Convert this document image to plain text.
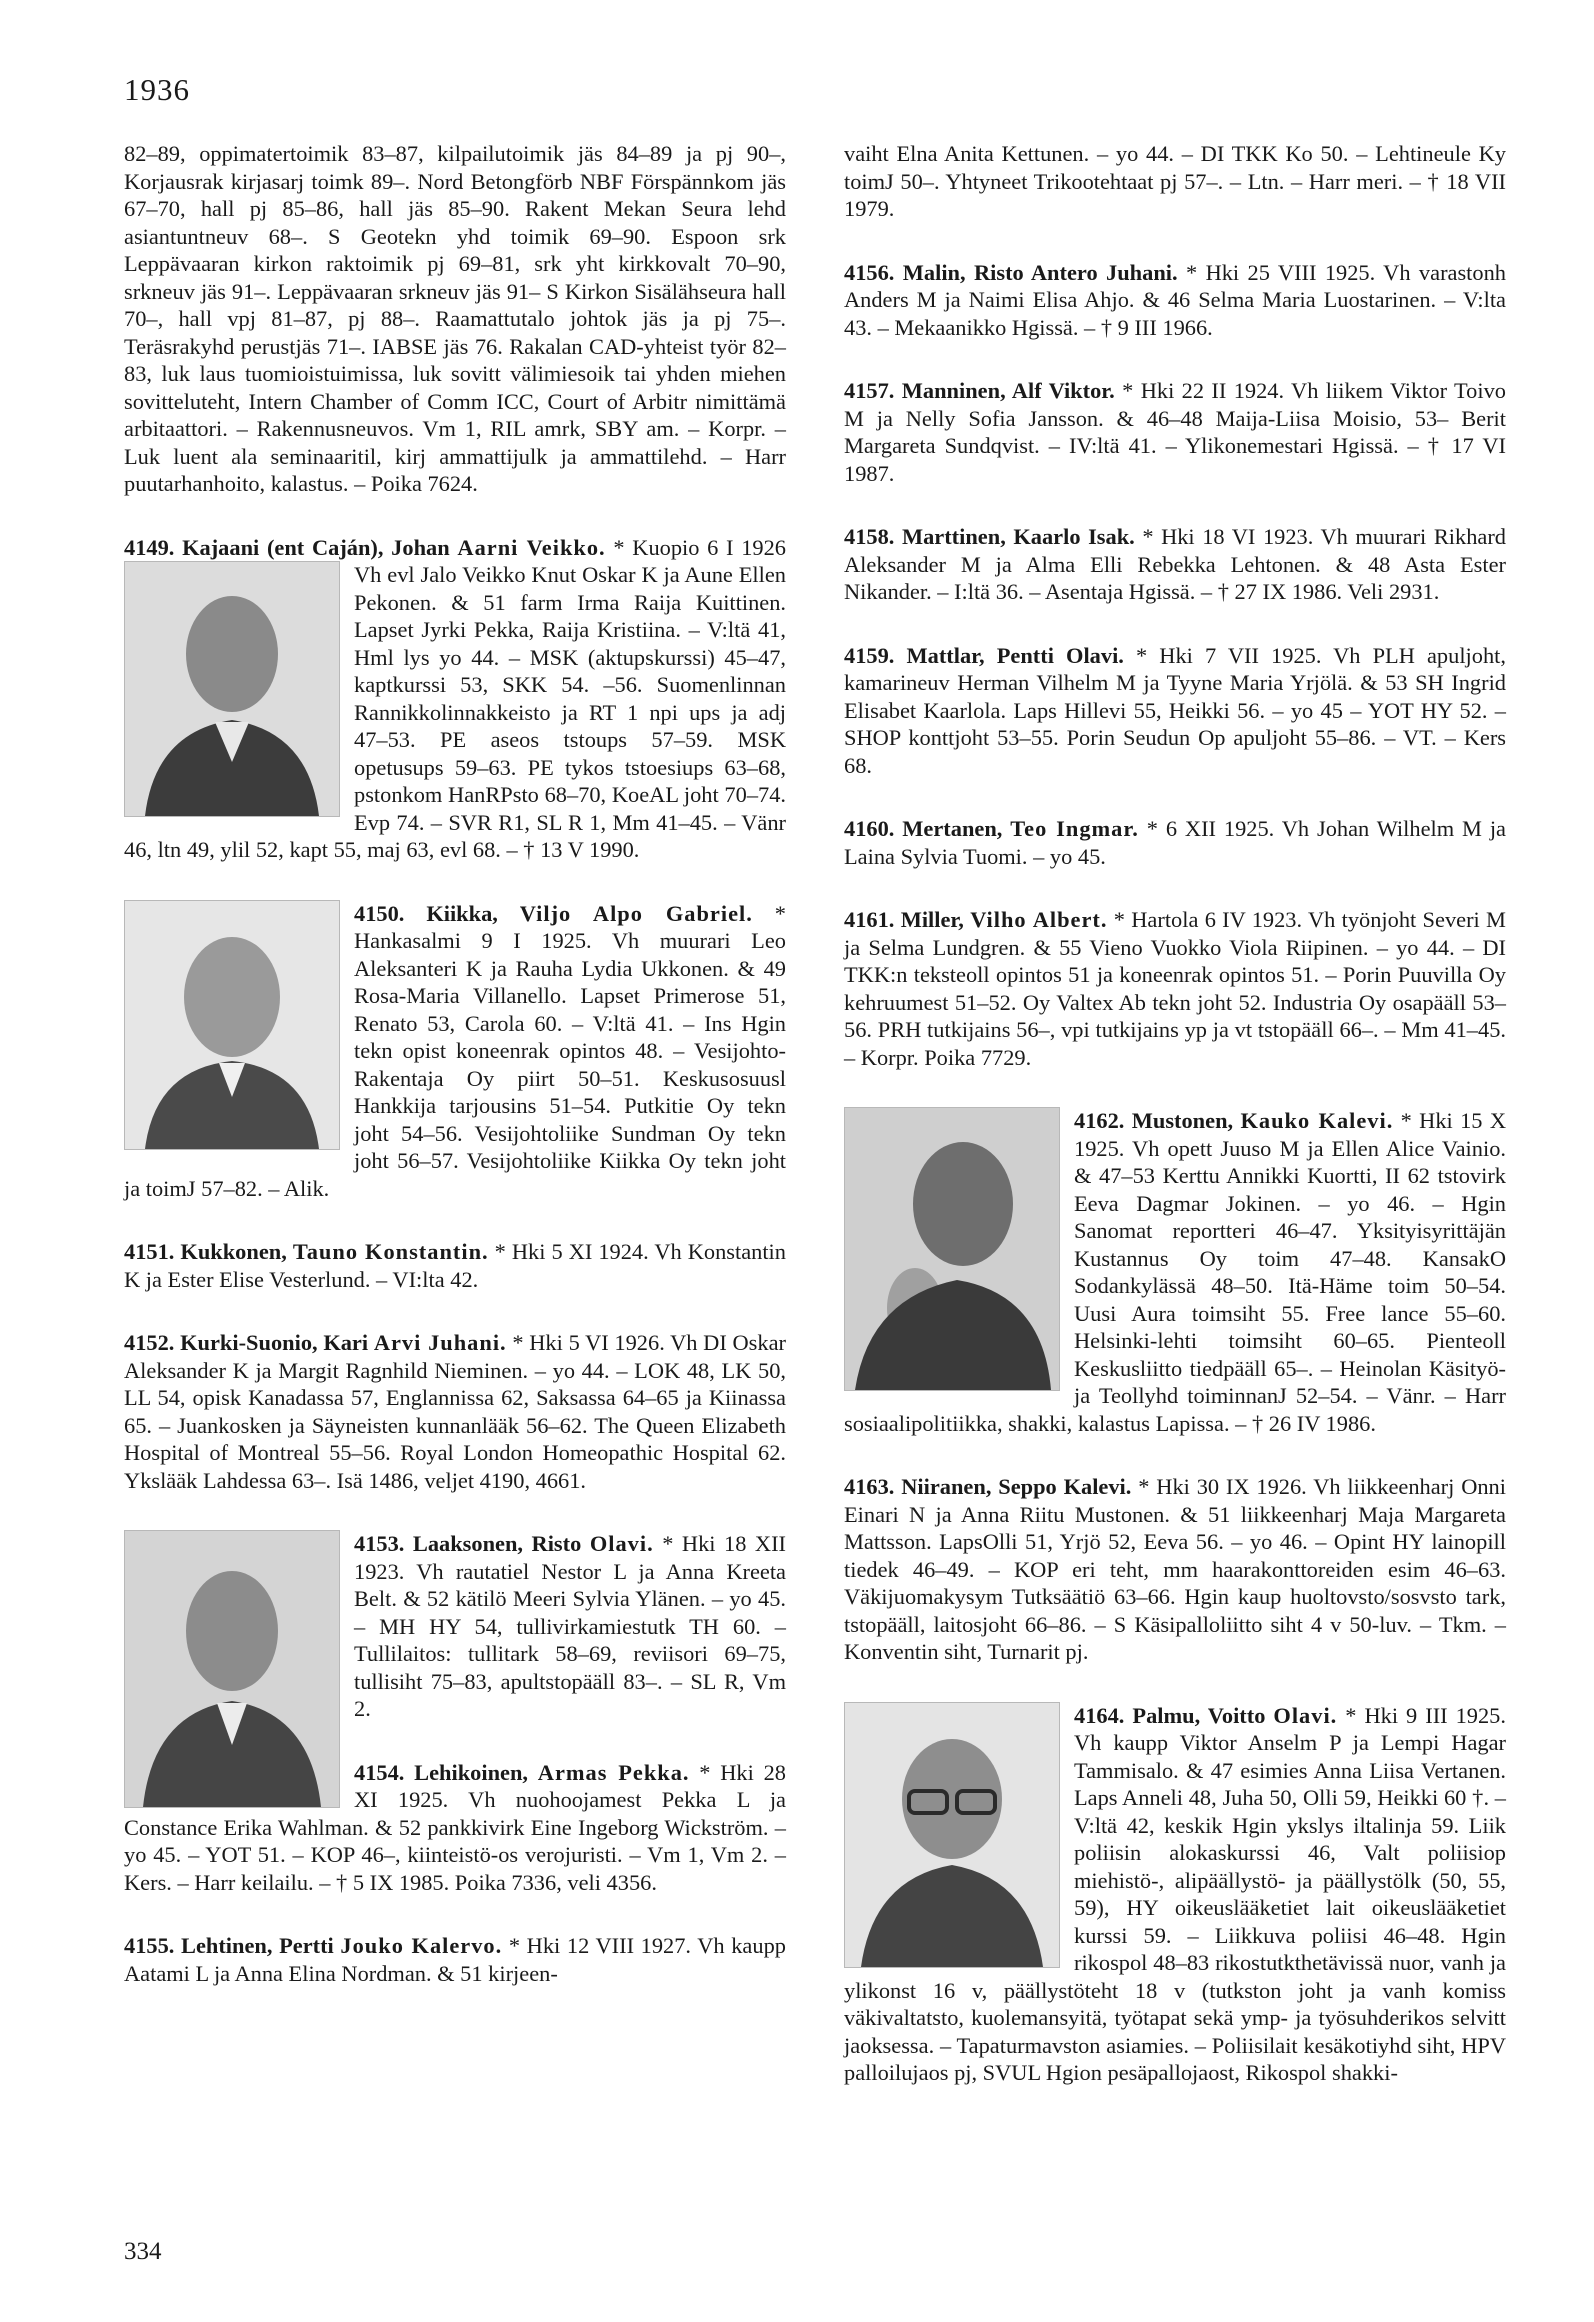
1936

82–89, oppimatertoimik 83–87, kilpailutoimik jäs 84–89 ja pj 90–, Korjausrak kirjasarj toimk 89–. Nord Betongförb NBF Förspännkom jäs 67–70, hall pj 85–86, hall jäs 85–90. Rakent Mekan Seura lehd asiantuntneuv 68–. S Geotekn yhd toimik 69–90. Espoon srk Leppävaaran kirkon raktoimik pj 69–81, srk yht kirkkovalt 70–90, srkneuv jäs 91–. Leppävaaran srkneuv jäs 91– S Kirkon Sisälähseura hall 70–, hall vpj 81–87, pj 88–. Raamattutalo johtok jäs ja pj 75–. Teräsrakyhd perustjäs 71–. IABSE jäs 76. Rakalan CAD-yhteist työr 82–83, luk laus tuomioistuimissa, luk sovitt välimiesoik tai yhden miehen sovitteluteht, Intern Chamber of Comm ICC, Court of Arbitr nimittämä arbitaattori. – Rakennusneuvos. Vm 1, RIL amrk, SBY am. – Korpr. – Luk luent ala seminaaritil, kirj ammattijulk ja ammattilehd. – Harr puutarhanhoito, kalastus. – Poika 7624.

4149. Kajaani (ent Caján), Johan Aarni Veikko. * Kuopio 6 I 1926 Vh evl Jalo Veikko Knut Oskar K ja Aune Ellen Pekonen. & 51 farm Irma Raija Kuittinen. Lapset Jyrki Pekka, Raija Kristiina. – V:ltä 41, Hml lys yo 44. – MSK (aktupskurssi) 45–47, kaptkurssi 53, SKK 54. –56. Suomenlinnan Rannikkolinnakkeisto ja RT 1 npi ups ja adj 47–53. PE aseos tstoups 57–59. MSK opetusups 59–63. PE tykos tstoesiups 63–68, pstonkom HanRPsto 68–70, KoeAL joht 70–74. Evp 74. – SVR R1, SL R 1, Mm 41–45. – Vänr 46, ltn 49, ylil 52, kapt 55, maj 63, evl 68. – † 13 V 1990.

4150. Kiikka, Viljo Alpo Gabriel. * Hankasalmi 9 I 1925. Vh muurari Leo Aleksanteri K ja Rauha Lydia Ukkonen. & 49 Rosa-Maria Villanello. Lapset Primerose 51, Renato 53, Carola 60. – V:ltä 41. – Ins Hgin tekn opist koneenrak opintos 48. – Vesijohto-Rakentaja Oy piirt 50–51. Keskusosuusl Hankkija tarjousins 51–54. Putkitie Oy tekn joht 54–56. Vesijohtoliike Sundman Oy tekn joht 56–57. Vesijohtoliike Kiikka Oy tekn joht ja toimJ 57–82. – Alik.

4151. Kukkonen, Tauno Konstantin. * Hki 5 XI 1924. Vh Konstantin K ja Ester Elise Vesterlund. – VI:lta 42.

4152. Kurki-Suonio, Kari Arvi Juhani. * Hki 5 VI 1926. Vh DI Oskar Aleksander K ja Margit Ragnhild Nieminen. – yo 44. – LOK 48, LK 50, LL 54, opisk Kanadassa 57, Englannissa 62, Saksassa 64–65 ja Kiinassa 65. – Juankosken ja Säyneisten kunnanlääk 56–62. The Queen Elizabeth Hospital of Montreal 55–56. Royal London Homeopathic Hospital 62. Ykslääk Lahdessa 63–. Isä 1486, veljet 4190, 4661.

4153. Laaksonen, Risto Olavi. * Hki 18 XII 1923. Vh rautatiel Nestor L ja Anna Kreeta Belt. & 52 kätilö Meeri Sylvia Ylänen. – yo 45. – MH HY 54, tullivirkamiestutk TH 60. – Tullilaitos: tullitark 58–69, reviisori 69–75, tullisiht 75–83, apultstopääll 83–. – SL R, Vm 2.

4154. Lehikoinen, Armas Pekka. * Hki 28 XI 1925. Vh nuohoojamest Pekka L ja Constance Erika Wahlman. & 52 pankkivirk Eine Ingeborg Wickström. – yo 45. – YOT 51. – KOP 46–, kiinteistö-os verojuristi. – Vm 1, Vm 2. – Kers. – Harr keilailu. – † 5 IX 1985. Poika 7336, veli 4356.

4155. Lehtinen, Pertti Jouko Kalervo. * Hki 12 VIII 1927. Vh kaupp Aatami L ja Anna Elina Nordman. & 51 kirjeen-

vaiht Elna Anita Kettunen. – yo 44. – DI TKK Ko 50. – Lehtineule Ky toimJ 50–. Yhtyneet Trikootehtaat pj 57–. – Ltn. – Harr meri. – † 18 VII 1979.

4156. Malin, Risto Antero Juhani. * Hki 25 VIII 1925. Vh varastonh Anders M ja Naimi Elisa Ahjo. & 46 Selma Maria Luostarinen. – V:lta 43. – Mekaanikko Hgissä. – † 9 III 1966.

4157. Manninen, Alf Viktor. * Hki 22 II 1924. Vh liikem Viktor Toivo M ja Nelly Sofia Jansson. & 46–48 Maija-Liisa Moisio, 53– Berit Margareta Sundqvist. – IV:ltä 41. – Ylikonemestari Hgissä. – † 17 VI 1987.

4158. Marttinen, Kaarlo Isak. * Hki 18 VI 1923. Vh muurari Rikhard Aleksander M ja Alma Elli Rebekka Lehtonen. & 48 Asta Ester Nikander. – I:ltä 36. – Asentaja Hgissä. – † 27 IX 1986. Veli 2931.

4159. Mattlar, Pentti Olavi. * Hki 7 VII 1925. Vh PLH apuljoht, kamarineuv Herman Vilhelm M ja Tyyne Maria Yrjölä. & 53 SH Ingrid Elisabet Kaarlola. Laps Hillevi 55, Heikki 56. – yo 45 – YOT HY 52. – SHOP konttjoht 53–55. Porin Seudun Op apuljoht 55–86. – VT. – Kers 68.

4160. Mertanen, Teo Ingmar. * 6 XII 1925. Vh Johan Wilhelm M ja Laina Sylvia Tuomi. – yo 45.

4161. Miller, Vilho Albert. * Hartola 6 IV 1923. Vh työnjoht Severi M ja Selma Lundgren. & 55 Vieno Vuokko Viola Riipinen. – yo 44. – DI TKK:n teksteoll opintos 51 ja koneenrak opintos 51. – Porin Puuvilla Oy kehruumest 51–52. Oy Valtex Ab tekn joht 52. Industria Oy osapääll 53–56. PRH tutkijains 56–, vpi tutkijains yp ja vt tstopääll 66–. – Mm 41–45. – Korpr. Poika 7729.

4162. Mustonen, Kauko Kalevi. * Hki 15 X 1925. Vh opett Juuso M ja Ellen Alice Vainio. & 47–53 Kerttu Annikki Kuortti, II 62 tstovirk Eeva Dagmar Jokinen. – yo 46. – Hgin Sanomat reportteri 46–47. Yksityisyrittäjän Kustannus Oy toim 47–48. KansakO Sodankylässä 48–50. Itä-Häme toim 50–54. Uusi Aura toimsiht 55. Free lance 55–60. Helsinki-lehti toimsiht 60–65. Pienteoll Keskusliitto tiedpääll 65–. – Heinolan Käsityö- ja Teollyhd toiminnanJ 52–54. – Vänr. – Harr sosiaalipolitiikka, shakki, kalastus Lapissa. – † 26 IV 1986.

4163. Niiranen, Seppo Kalevi. * Hki 30 IX 1926. Vh liikkeenharj Onni Einari N ja Anna Riitu Mustonen. & 51 liikkeenharj Maja Margareta Mattsson. LapsOlli 51, Yrjö 52, Eeva 56. – yo 46. – Opint HY lainopill tiedek 46–49. – KOP eri teht, mm haarakonttoreiden esim 46–63. Väkijuomakysym Tutksäätiö 63–66. Hgin kaup huoltovsto/sosvsto tark, tstopääll, laitosjoht 66–86. – S Käsipalloliitto siht 4 v 50-luv. – Tkm. – Konventin siht, Turnarit pj.

4164. Palmu, Voitto Olavi. * Hki 9 III 1925. Vh kaupp Viktor Anselm P ja Lempi Hagar Tammisalo. & 47 esimies Anna Liisa Vertanen. Laps Anneli 48, Juha 50, Olli 59, Heikki 60 †. – V:ltä 42, keskik Hgin ykslys iltalinja 59. Liik poliisin alokaskurssi 46, Valt poliisiop miehistö-, alipäällystö- ja päällystölk (50, 55, 59), HY oikeuslääketiet lait oikeuslääketiet kurssi 59. – Liikkuva poliisi 46–48. Hgin rikospol 48–83 rikostutkthetävissä nuor, vanh ja ylikonst 16 v, päällystöteht 18 v (tutkston joht ja vanh komiss väkivaltatsto, kuolemansyitä, työtapat sekä ymp- ja työsuhderikos selvitt jaoksessa. – Tapaturmavston asiamies. – Poliisilait kesäkotiyhd siht, HPV palloilujaos pj, SVUL Hgion pesäpallojaost, Rikospol shakki-

334
